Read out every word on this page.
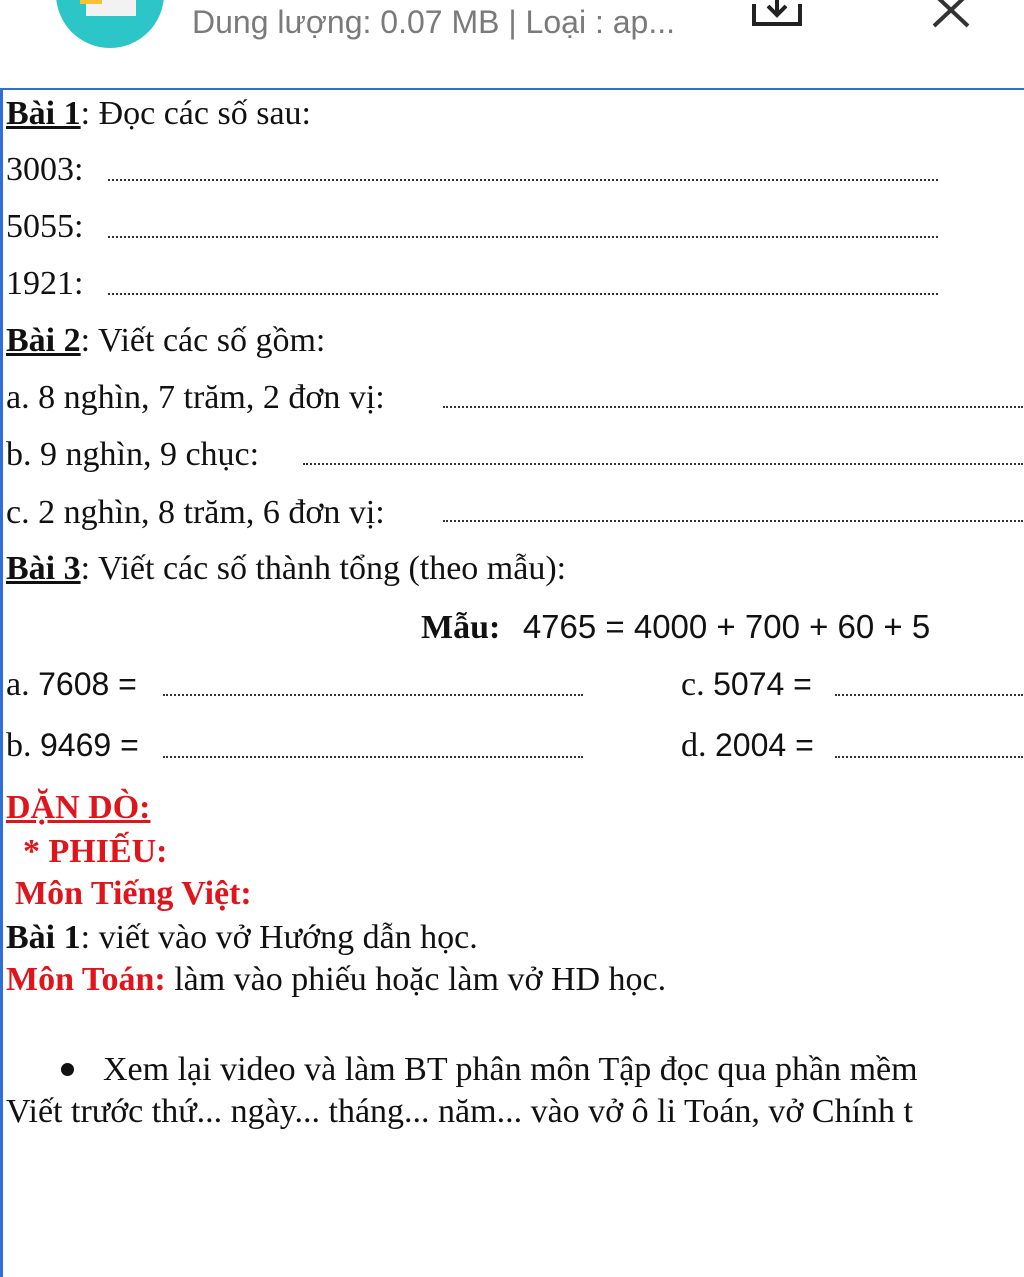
Dung lượng: 0.07 MB | Loại : ap...
Bài 1: Đọc các số sau:
3003:
5055:
1921:
Bài 2: Viết các số gồm:
a. 8 nghìn, 7 trăm, 2 đơn vị:
b. 9 nghìn, 9 chục:
c. 2 nghìn, 8 trăm, 6 đơn vị:
Bài 3: Viết các số thành tổng (theo mẫu):
Mẫu: 4765 = 4000 + 700 + 60 + 5
a. 7608 =	c. 5074 =
b. 9469 =	d. 2004 =
DẶN DÒ:
* PHIẾU:
Môn Tiếng Việt:
Bài 1: viết vào vở Hướng dẫn học.
Môn Toán: làm vào phiếu hoặc làm vở HD học.
Xem lại video và làm BT phân môn Tập đọc qua phần mềm
Viết trước thứ... ngày... tháng... năm... vào vở ô li Toán, vở Chính t
